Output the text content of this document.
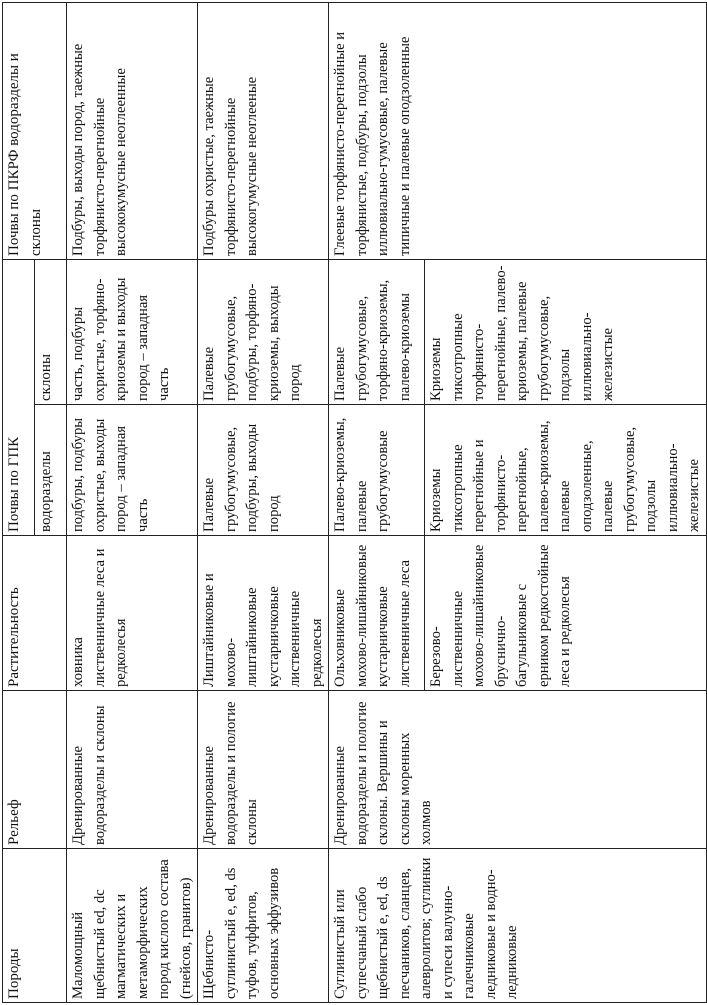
Породы	Рельеф	Растительность	Почвы по ГПК		Почвы по ПКРФ водоразделы и склоны
			водоразделы	склоны	
Маломощный щебнистый ed, dc магматических и метаморфических пород кислого состава (гнейсов, гранитов)	Дренированные водоразделы и склоны	ховника лиственничные леса и редколесья	подбуры, подбуры охристые, выходы пород – западная часть	часть, подбуры охристые, торфяно-криоземы и выходы пород – западная часть	Подбуры, выходы пород, таежные торфянисто-перегнойные высококумусные неоглеенные
Щебнисто-суглинистый e, ed, ds туфов, туффитов, основных эффузивов	Дренированные водоразделы и пологие склоны	Лиштайниковые и мохово-лиштайниковые кустарничковые лиственничные редколесья	Палевые грубогумусовые, подбуры, выходы пород	Палевые грубогумусовые, подбуры, торфяно-криоземы, выходы пород	Подбуры охристые, таежные торфянисто-перегнойные высокогумусные неоглееные
Суглинистый или супесчаный слабо щебнистый e, ed, ds песчаников, сланцев, алевролитов; суглинки и супеси валунно-галечниковые ледниковые и водно-ледниковые	Дренированные водоразделы и пологие склоны. Вершины и склоны моренных холмов	Ольховниковые мохово-лишайниковые кустарничковые лиственничные леса	Палево-криоземы, палевые грубогумусовые	Палевые грубогумусовые, торфяно-криоземы, палево-криоземы	Глеевые торфянисто-перегнойные и торфянистые, подбуры, подзолы иллювиально-гумусовые, палевые типичные и палевые оподзоленные
		Березово-лиственничные мохово-лишайниковые бруснично-багульниковые с ерником редкостойные леса и редколесья	Криоземы тиксотропные перегнойные и торфянисто-перегнойные, палево-криоземы, палевые оподзоленные, палевые грубогумусовые, подзолы иллювиально-железистые	Криоземы тиксотропные торфянисто-перегнойные, палево-криоземы, палевые грубогумусовые, подзолы иллювиально-железистые	
